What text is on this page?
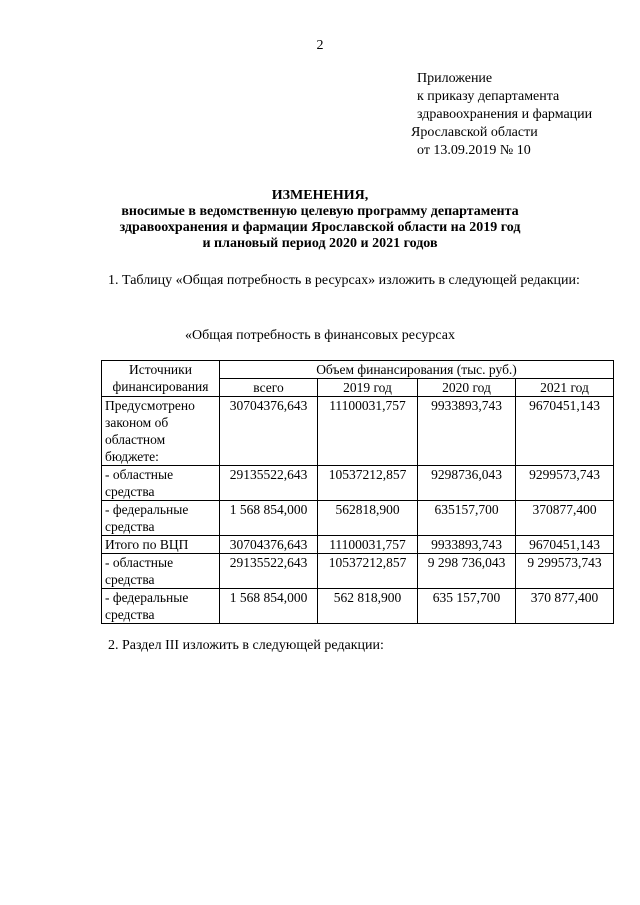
2
Приложение
к приказу департамента
здравоохранения и фармации
Ярославской области
от 13.09.2019 № 10
ИЗМЕНЕНИЯ,
вносимые в ведомственную целевую программу департамента
здравоохранения и фармации Ярославской области на 2019 год
и плановый период 2020 и 2021 годов
1. Таблицу «Общая потребность в ресурсах» изложить в следующей редакции:
«Общая потребность в финансовых ресурсах
Источники финансирования	Объем финансирования (тыс. руб.)			
	всего	2019 год	2020 год	2021 год
Предусмотрено законом об областном бюджете:	30704376,643	11100031,757	9933893,743	9670451,143
- областные средства	29135522,643	10537212,857	9298736,043	9299573,743
- федеральные средства	1 568 854,000	562818,900	635157,700	370877,400
Итого по ВЦП	30704376,643	11100031,757	9933893,743	9670451,143
- областные средства	29135522,643	10537212,857	9 298 736,043	9 299573,743
- федеральные средства	1 568 854,000	562 818,900	635 157,700	370 877,400
2. Раздел III изложить в следующей редакции:
